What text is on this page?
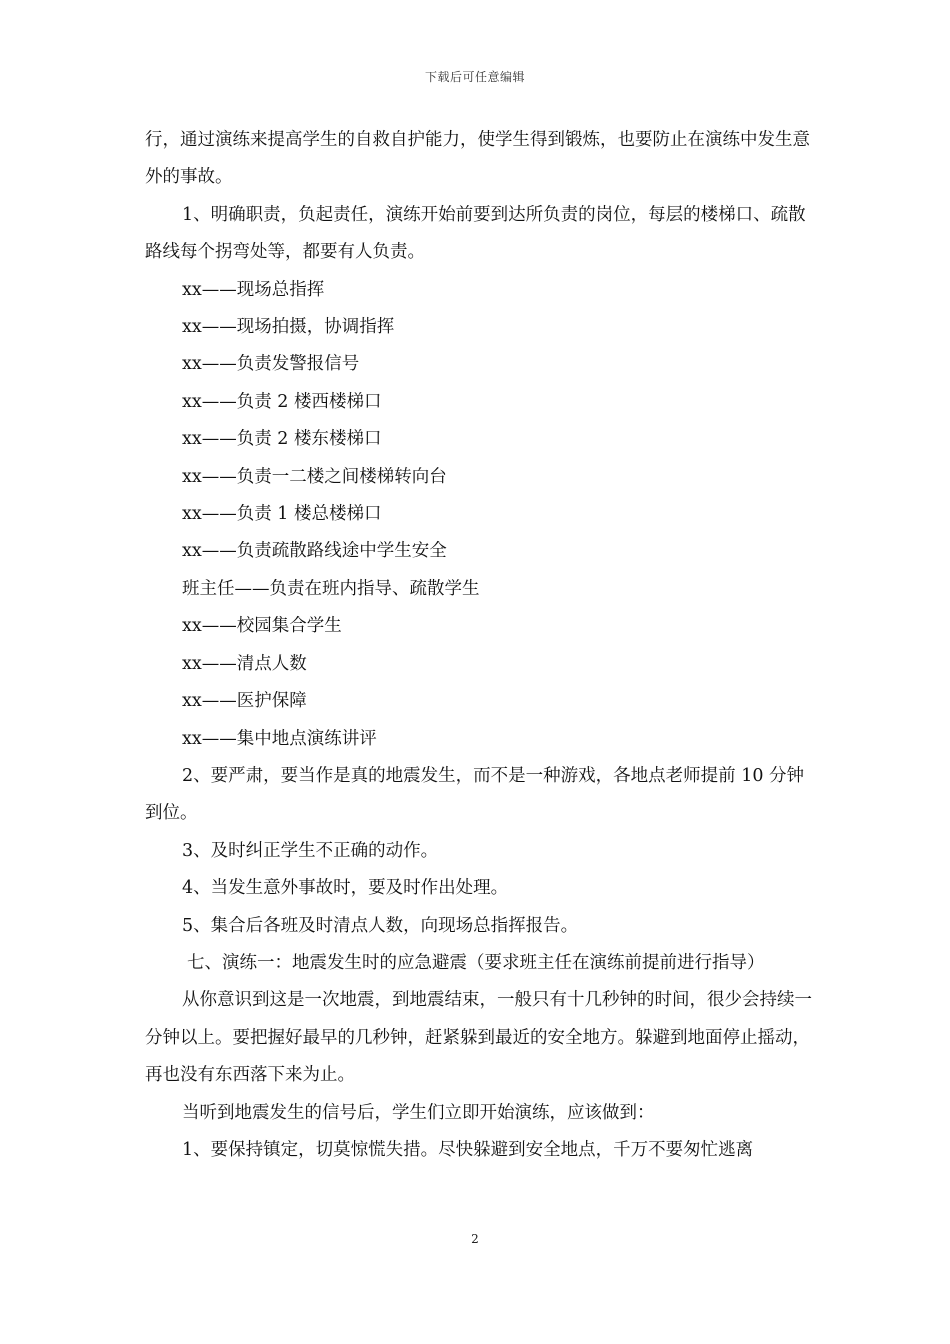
下载后可任意编辑

行，通过演练来提高学生的自救自护能力，使学生得到锻炼，也要防止在演练中发生意外的事故。

1、明确职责，负起责任，演练开始前要到达所负责的岗位，每层的楼梯口、疏散路线每个拐弯处等，都要有人负责。

xx——现场总指挥

xx——现场拍摄，协调指挥

xx——负责发警报信号

xx——负责 2 楼西楼梯口

xx——负责 2 楼东楼梯口

xx——负责一二楼之间楼梯转向台

xx——负责 1 楼总楼梯口

xx——负责疏散路线途中学生安全

班主任——负责在班内指导、疏散学生

xx——校园集合学生

xx——清点人数

xx——医护保障

xx——集中地点演练讲评

2、要严肃，要当作是真的地震发生，而不是一种游戏，各地点老师提前 10 分钟到位。

3、及时纠正学生不正确的动作。

4、当发生意外事故时，要及时作出处理。

5、集合后各班及时清点人数，向现场总指挥报告。

七、演练一：地震发生时的应急避震（要求班主任在演练前提前进行指导）

从你意识到这是一次地震，到地震结束，一般只有十几秒钟的时间，很少会持续一分钟以上。要把握好最早的几秒钟，赶紧躲到最近的安全地方。躲避到地面停止摇动，再也没有东西落下来为止。

当听到地震发生的信号后，学生们立即开始演练，应该做到：

1、要保持镇定，切莫惊慌失措。尽快躲避到安全地点，千万不要匆忙逃离

2
